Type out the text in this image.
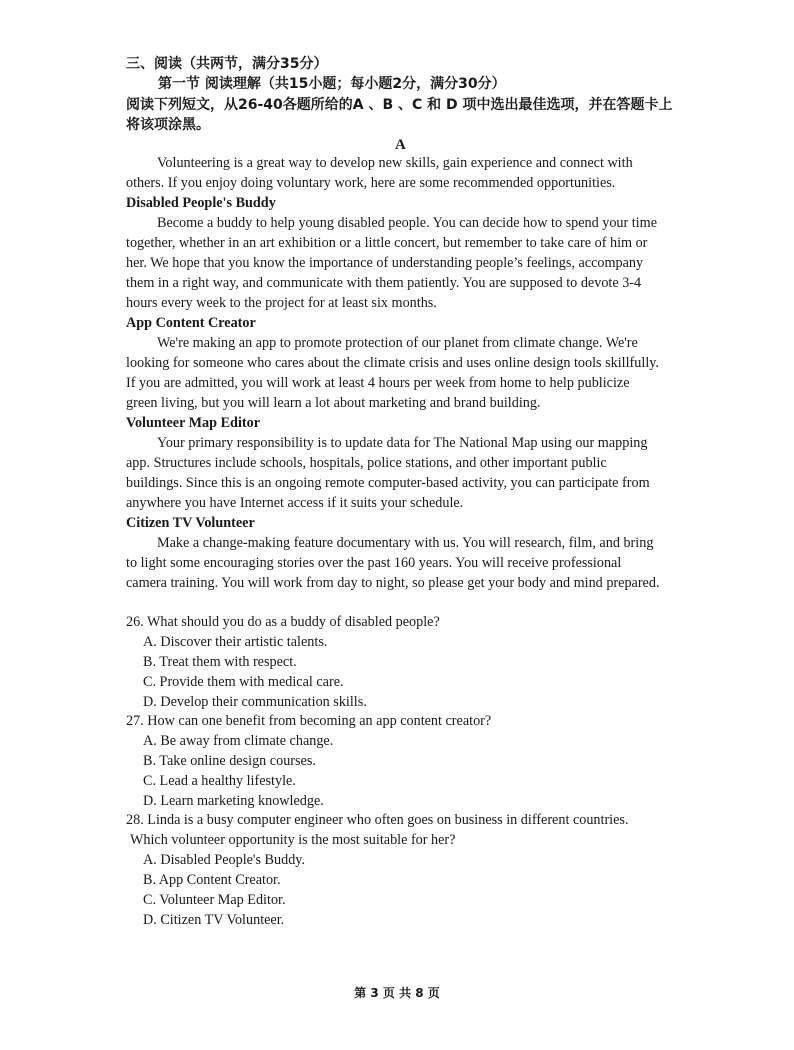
三、阅读（共两节，满分35分）
第一节 阅读理解（共15小题；每小题2分，满分30分）
阅读下列短文，从26-40各题所给的A 、B 、C 和 D 项中选出最佳选项，并在答题卡上
将该项涂黑。
A
Volunteering is a great way to develop new skills, gain experience and connect with
others. If you enjoy doing voluntary work, here are some recommended opportunities.
Disabled People's Buddy
Become a buddy to help young disabled people. You can decide how to spend your time
together, whether in an art exhibition or a little concert, but remember to take care of him or
her. We hope that you know the importance of understanding people’s feelings, accompany
them in a right way, and communicate with them patiently. You are supposed to devote 3-4
hours every week to the project for at least six months.
App Content Creator
We're making an app to promote protection of our planet from climate change. We're
looking for someone who cares about the climate crisis and uses online design tools skillfully.
If you are admitted, you will work at least 4 hours per week from home to help publicize
green living, but you will learn a lot about marketing and brand building.
Volunteer Map Editor
Your primary responsibility is to update data for The National Map using our mapping
app. Structures include schools, hospitals, police stations, and other important public
buildings. Since this is an ongoing remote computer-based activity, you can participate from
anywhere you have Internet access if it suits your schedule.
Citizen TV Volunteer
Make a change-making feature documentary with us. You will research, film, and bring
to light some encouraging stories over the past 160 years. You will receive professional
camera training. You will work from day to night, so please get your body and mind prepared.
26. What should you do as a buddy of disabled people?
A. Discover their artistic talents.
B. Treat them with respect.
C. Provide them with medical care.
D. Develop their communication skills.
27. How can one benefit from becoming an app content creator?
A. Be away from climate change.
B. Take online design courses.
C. Lead a healthy lifestyle.
D. Learn marketing knowledge.
28. Linda is a busy computer engineer who often goes on business in different countries.
Which volunteer opportunity is the most suitable for her?
A. Disabled People's Buddy.
B. App Content Creator.
C. Volunteer Map Editor.
D. Citizen TV Volunteer.
第 3 页 共 8 页
